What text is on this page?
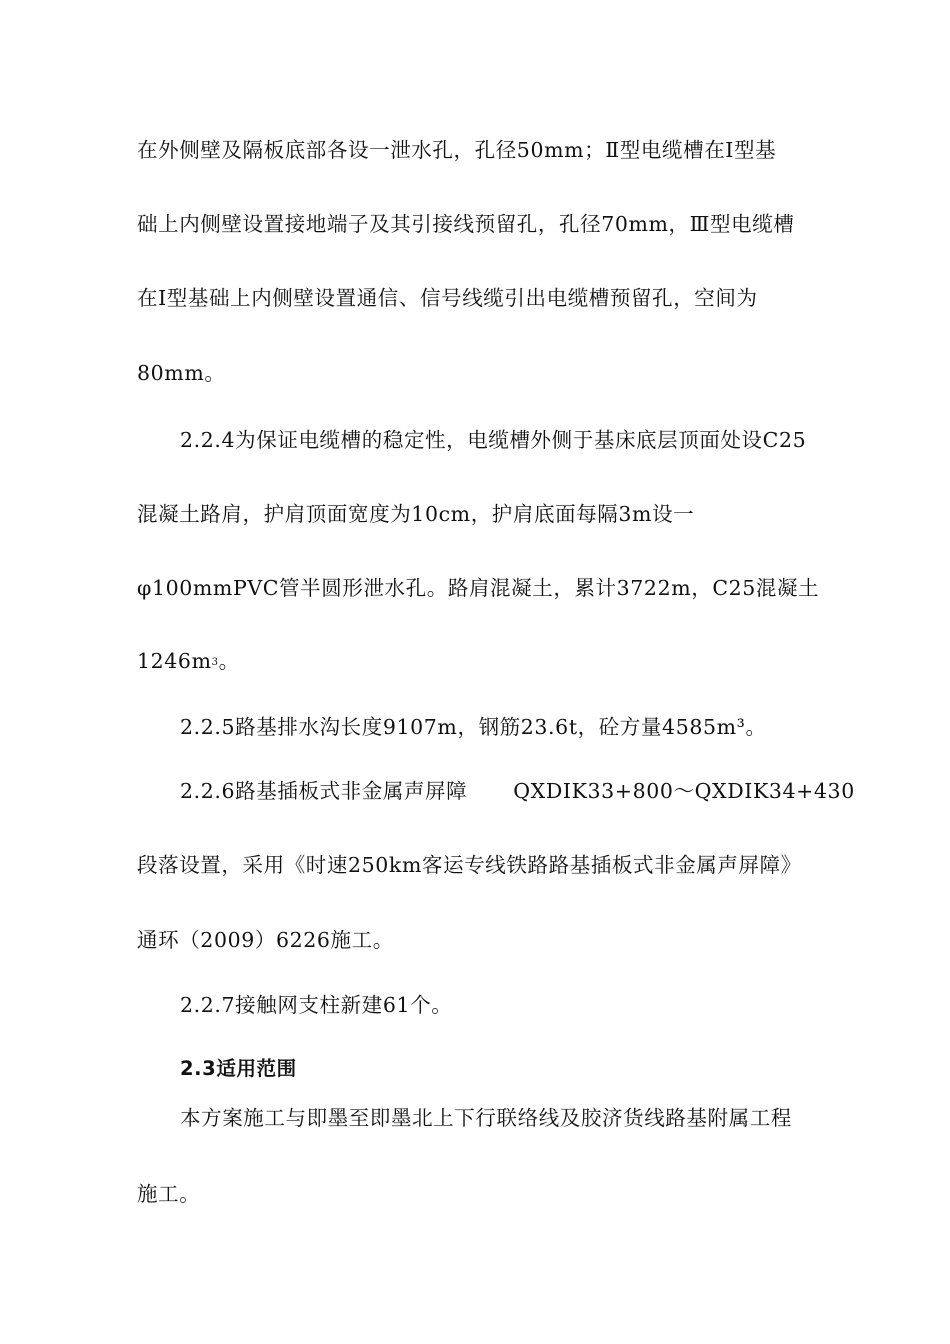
在外侧壁及隔板底部各设一泄水孔，孔径50mm；Ⅱ型电缆槽在Ⅰ型基
础上内侧壁设置接地端子及其引接线预留孔，孔径70mm，Ⅲ型电缆槽
在Ⅰ型基础上内侧壁设置通信、信号线缆引出电缆槽预留孔，空间为
80mm。
2.2.4为保证电缆槽的稳定性，电缆槽外侧于基床底层顶面处设C25
混凝土路肩，护肩顶面宽度为10cm，护肩底面每隔3m设一
φ100mmPVC管半圆形泄水孔。路肩混凝土，累计3722m，C25混凝土
$1246m^3$。
2.2.5路基排水沟长度9107m，钢筋23.6t，砼方量4585m³。
2.2.6路基插板式非金属声屏障 QXDIK33+800～QXDIK34+430
段落设置，采用《时速250km客运专线铁路路基插板式非金属声屏障》
通环（2009）6226施工。
2.2.7接触网支柱新建61个。
2.3适用范围
本方案施工与即墨至即墨北上下行联络线及胶济货线路基附属工程
施工。
